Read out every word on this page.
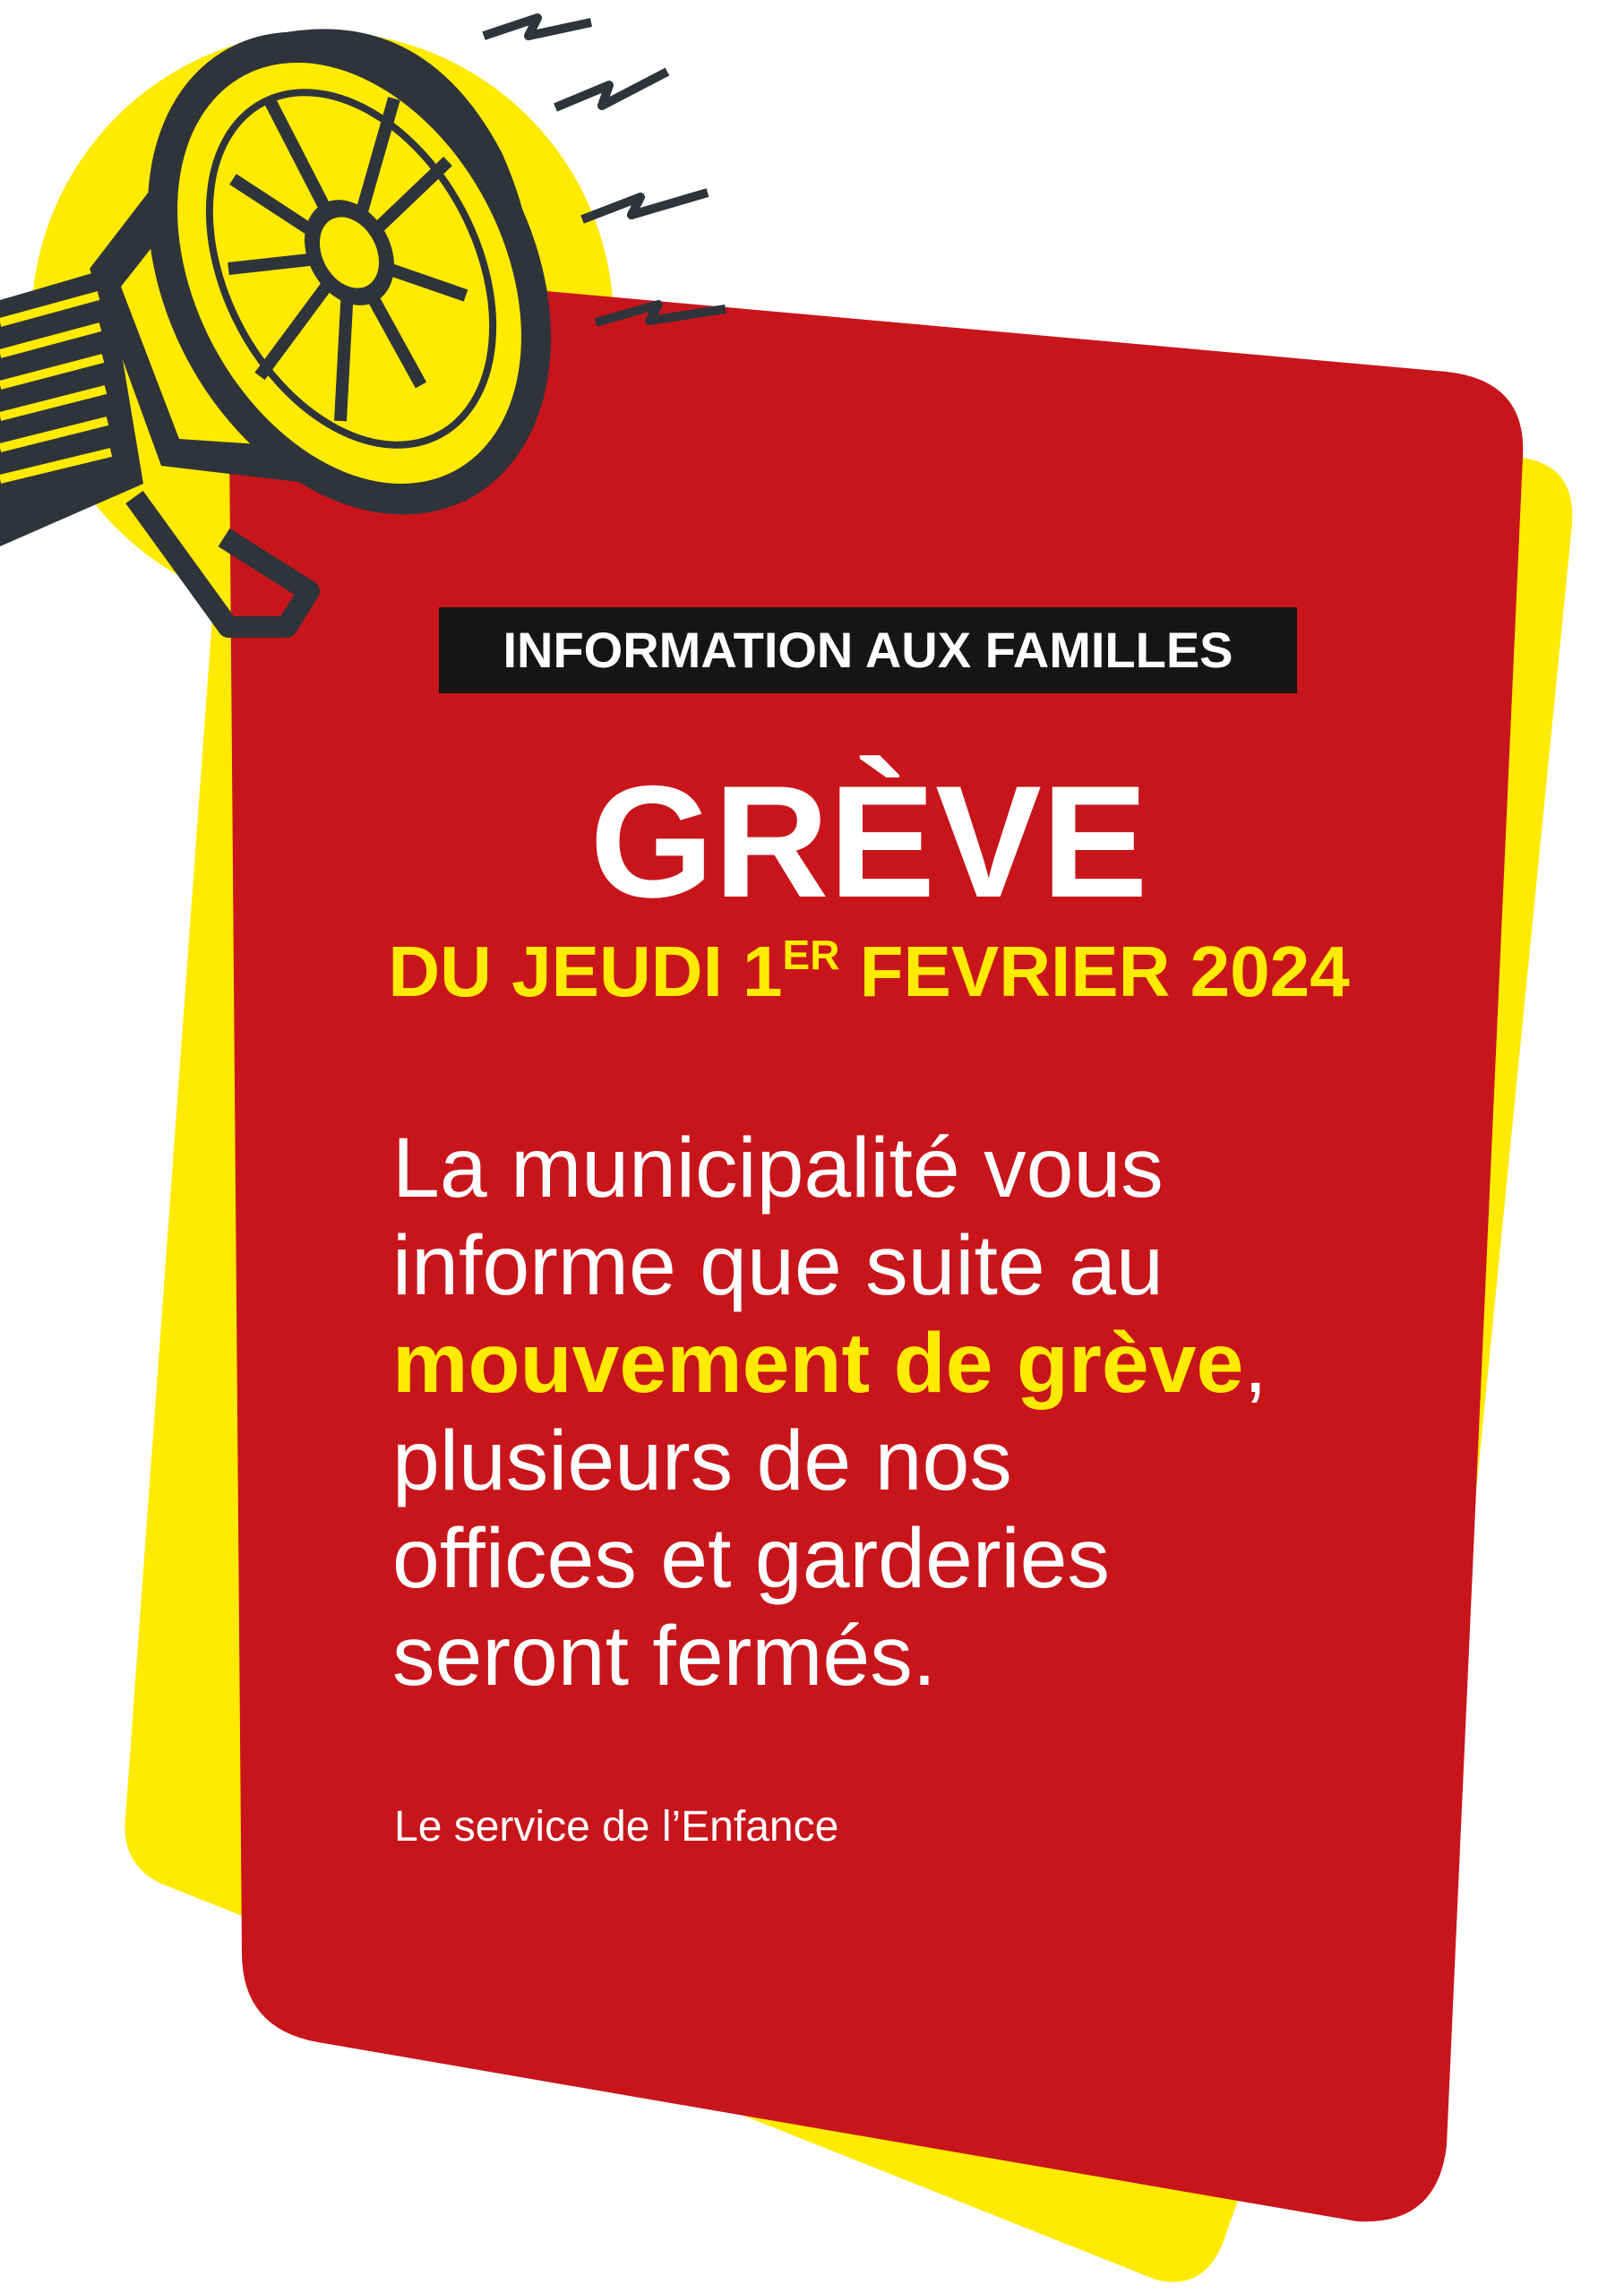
INFORMATION AUX FAMILLES
GRÈVE
DU JEUDI 1ER FEVRIER 2024
La municipalité vous
informe que suite au
mouvement de grève,
plusieurs de nos
offices et garderies
seront fermés.
Le service de l’Enfance
